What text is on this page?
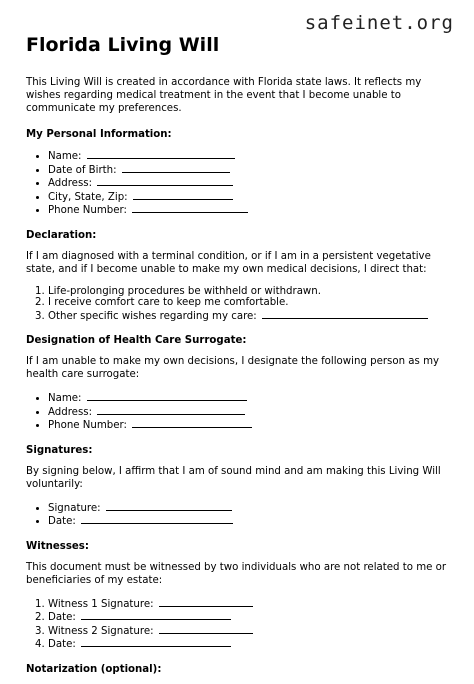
safeinet.org
Florida Living Will

This Living Will is created in accordance with Florida state laws. It reflects my wishes regarding medical treatment in the event that I become unable to communicate my preferences.

My Personal Information:
• Name:
• Date of Birth:
• Address:
• City, State, Zip:
• Phone Number:
Declaration:

If I am diagnosed with a terminal condition, or if I am in a persistent vegetative state, and if I become unable to make my own medical decisions, I direct that:

1. Life-prolonging procedures be withheld or withdrawn.
2. I receive comfort care to keep me comfortable.
3. Other specific wishes regarding my care:
Designation of Health Care Surrogate:

If I am unable to make my own decisions, I designate the following person as my health care surrogate:

• Name:
• Address:
• Phone Number:
Signatures:

By signing below, I affirm that I am of sound mind and am making this Living Will voluntarily:

• Signature:
• Date:
Witnesses:

This document must be witnessed by two individuals who are not related to me or beneficiaries of my estate:

1. Witness 1 Signature:
2. Date:
3. Witness 2 Signature:
4. Date:
Notarization (optional):
